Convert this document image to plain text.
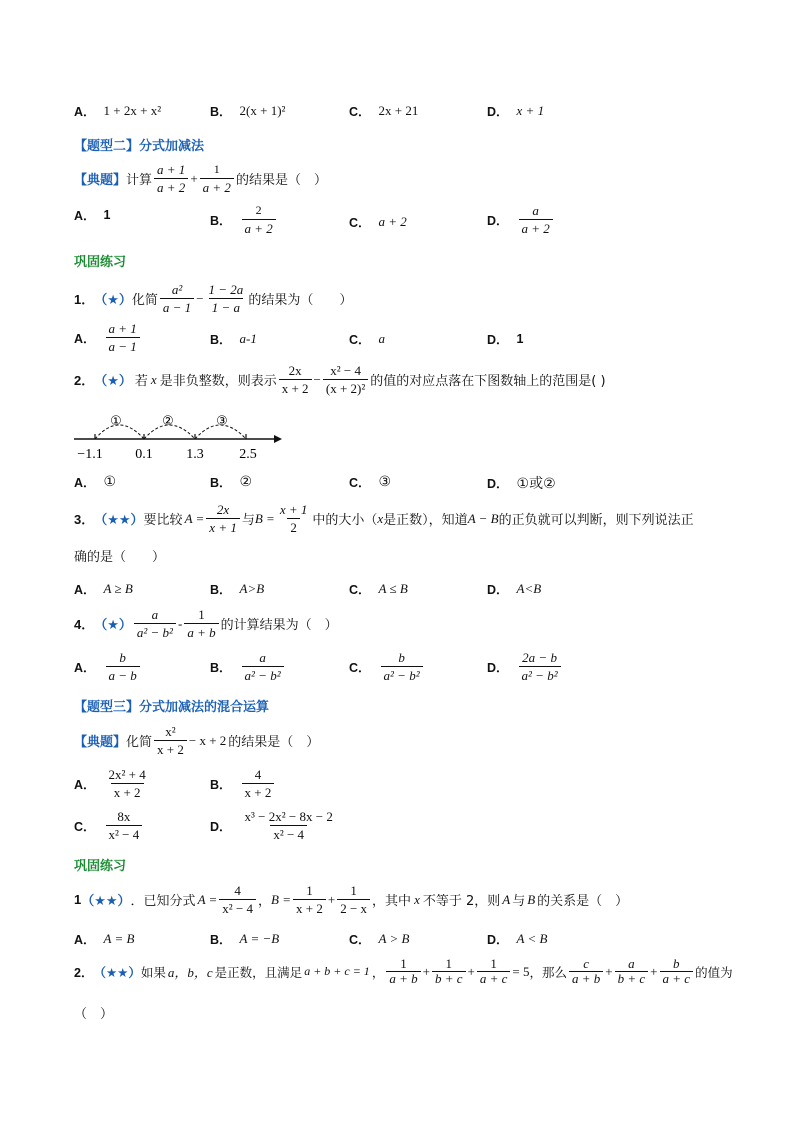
A． 1 + 2x + x²	B． 2(x + 1)²	C． 2x + 21	D． x + 1
【题型二】分式加减法
【典题】 计算 $\frac{a + 1}{a + 2} + \frac{1}{a + 2}$ 的结果是（　）
A． 1	B． $\frac{2}{a + 2}$	C． a + 2	D． $\frac{a}{a + 2}$
巩固练习
1． （★） 化简 $\frac{\text{a²}}{a - 1} - \frac{1 - 2a}{1 - a}$ 的结果为（　　）
A． $\frac{a + 1}{a - 1}$	B． a-1	C． a	D． 1
2． （★） 若 x 是非负整数，则表示 $\frac{2x}{x + 2} - \frac{\text{x² − 4}}{\text{(x + 2)²}}$ 的值的对应点落在下图数轴上的范围是( )
①	②	③
−1.1 0.1 1.3	2.5
A． ①	B． ②	C． ③	D． ①或②
3． （★★） 要比较 $A = \frac{2x}{x + 1}$ 与 $B = \frac{x + 1}{2}$ 中的大小（ x 是正数），知道 A − B 的正负就可以判断，则下列说法正
确的是（　　）
A． A ≥ B	B． A>B	C． A ≤ B	D． A<B
4． （★） $\frac{a}{\text{a² − b²}} - \frac{1}{a + b}$ 的计算结果为（　）
A． $\frac{b}{a - b}$	B． $\frac{a}{\text{a² − b²}}$	C． $\frac{b}{\text{a² − b²}}$	D． $\frac{2a - b}{\text{a² − b²}}$
【题型三】分式加减法的混合运算
【典题】 化简 $\frac{\text{x²}}{x + 2} - x + 2$ 的结果是（　）
A． $\frac{\text{2x² + 4}}{x + 2}$	B． $\frac{4}{x + 2}$
C． $\frac{8x}{\text{x² − 4}}$	D． $\frac{\text{x³ − 2x² − 8x − 2}}{\text{x² − 4}}$
巩固练习
1 （★★） ．已知分式 $A = \frac{4}{\text{x² − 4}}$ ， $B = \frac{1}{x + 2} + \frac{1}{2 - x}$ ，其中 x 不等于 2，则 A 与 B 的关系是（　）
A． A = B	B． A = −B	C． A > B	D． A < B
2． （★★） 如果 a，b，c 是正数，且满足 a + b + c = 1 ， $\frac{1}{a + b} + \frac{1}{b + c} + \frac{1}{a + c} = 5$ ，那么 $\frac{c}{a + b} + \frac{a}{b + c} + \frac{b}{a + c}$ 的值为
（　）
